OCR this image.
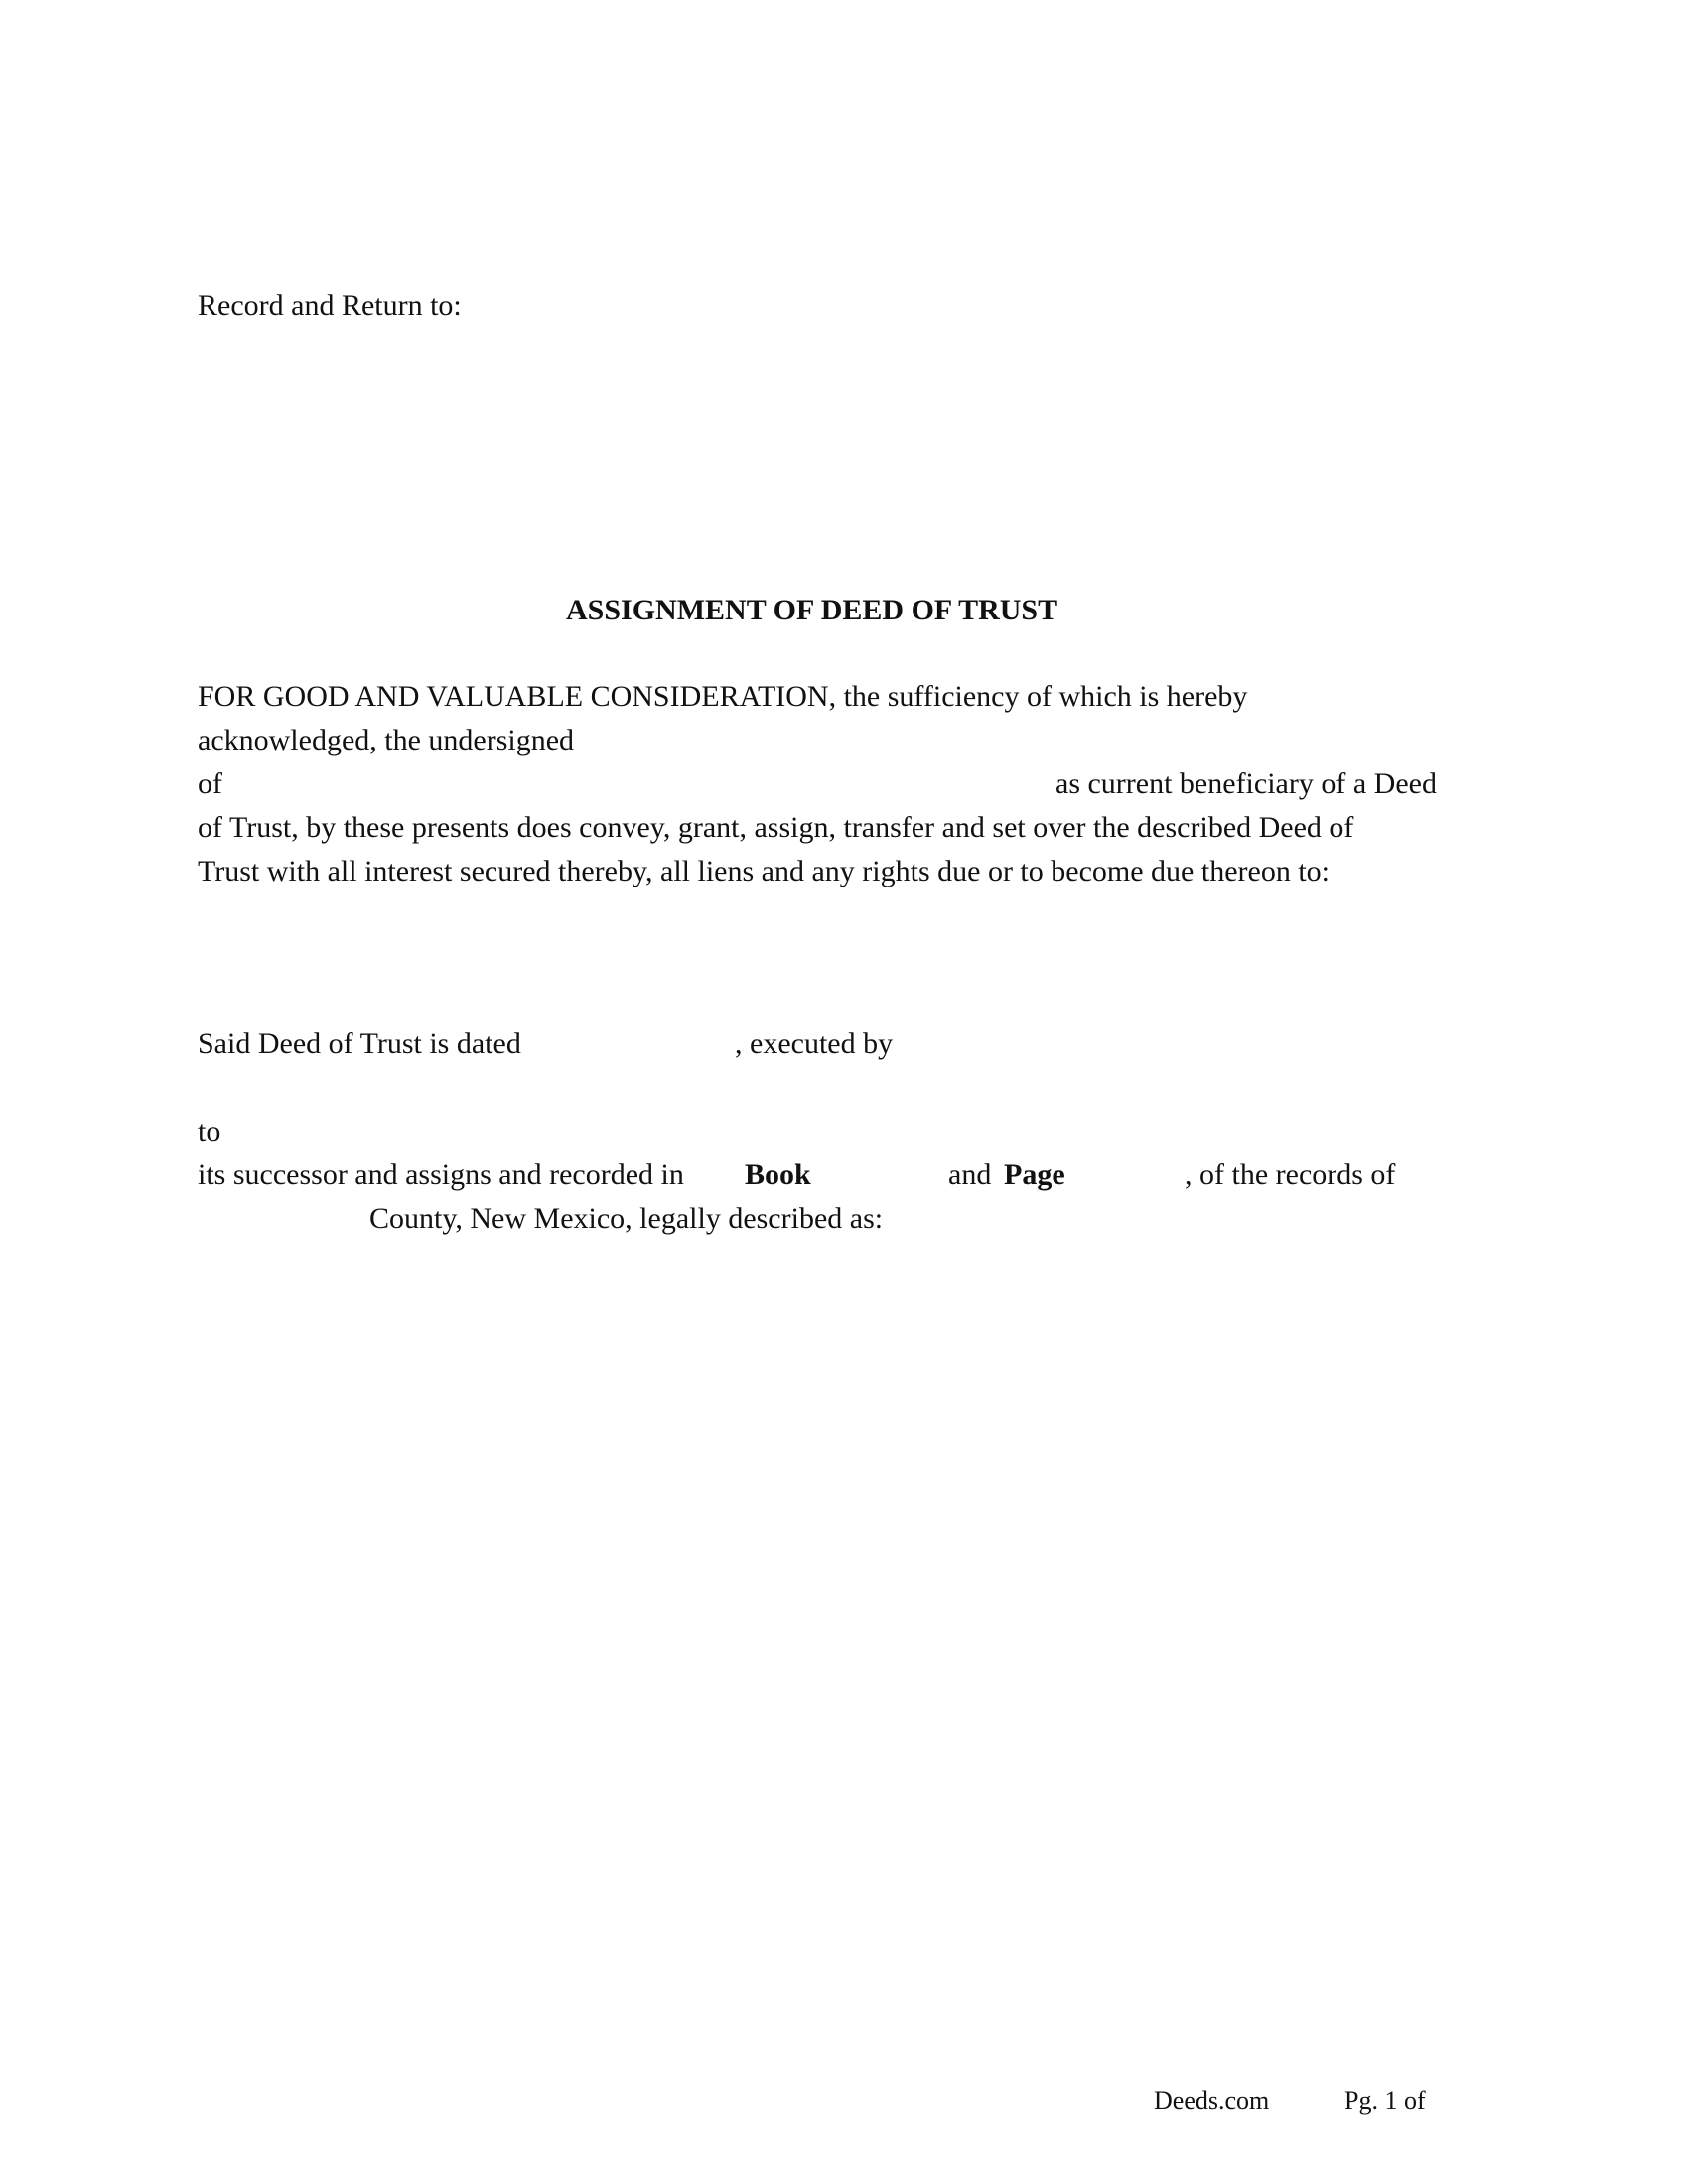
Record and Return to:
ASSIGNMENT OF DEED OF TRUST
FOR GOOD AND VALUABLE CONSIDERATION, the sufficiency of which is hereby
acknowledged, the undersigned
of	as current beneficiary of a Deed
of Trust, by these presents does convey, grant, assign, transfer and set over the described Deed of
Trust with all interest secured thereby, all liens and any rights due or to become due thereon to:
Said Deed of Trust is dated	, executed by
to
its successor and assigns and recorded in Book	and Page	, of the records of
County, New Mexico, legally described as:
Deeds.com	Pg. 1 of
